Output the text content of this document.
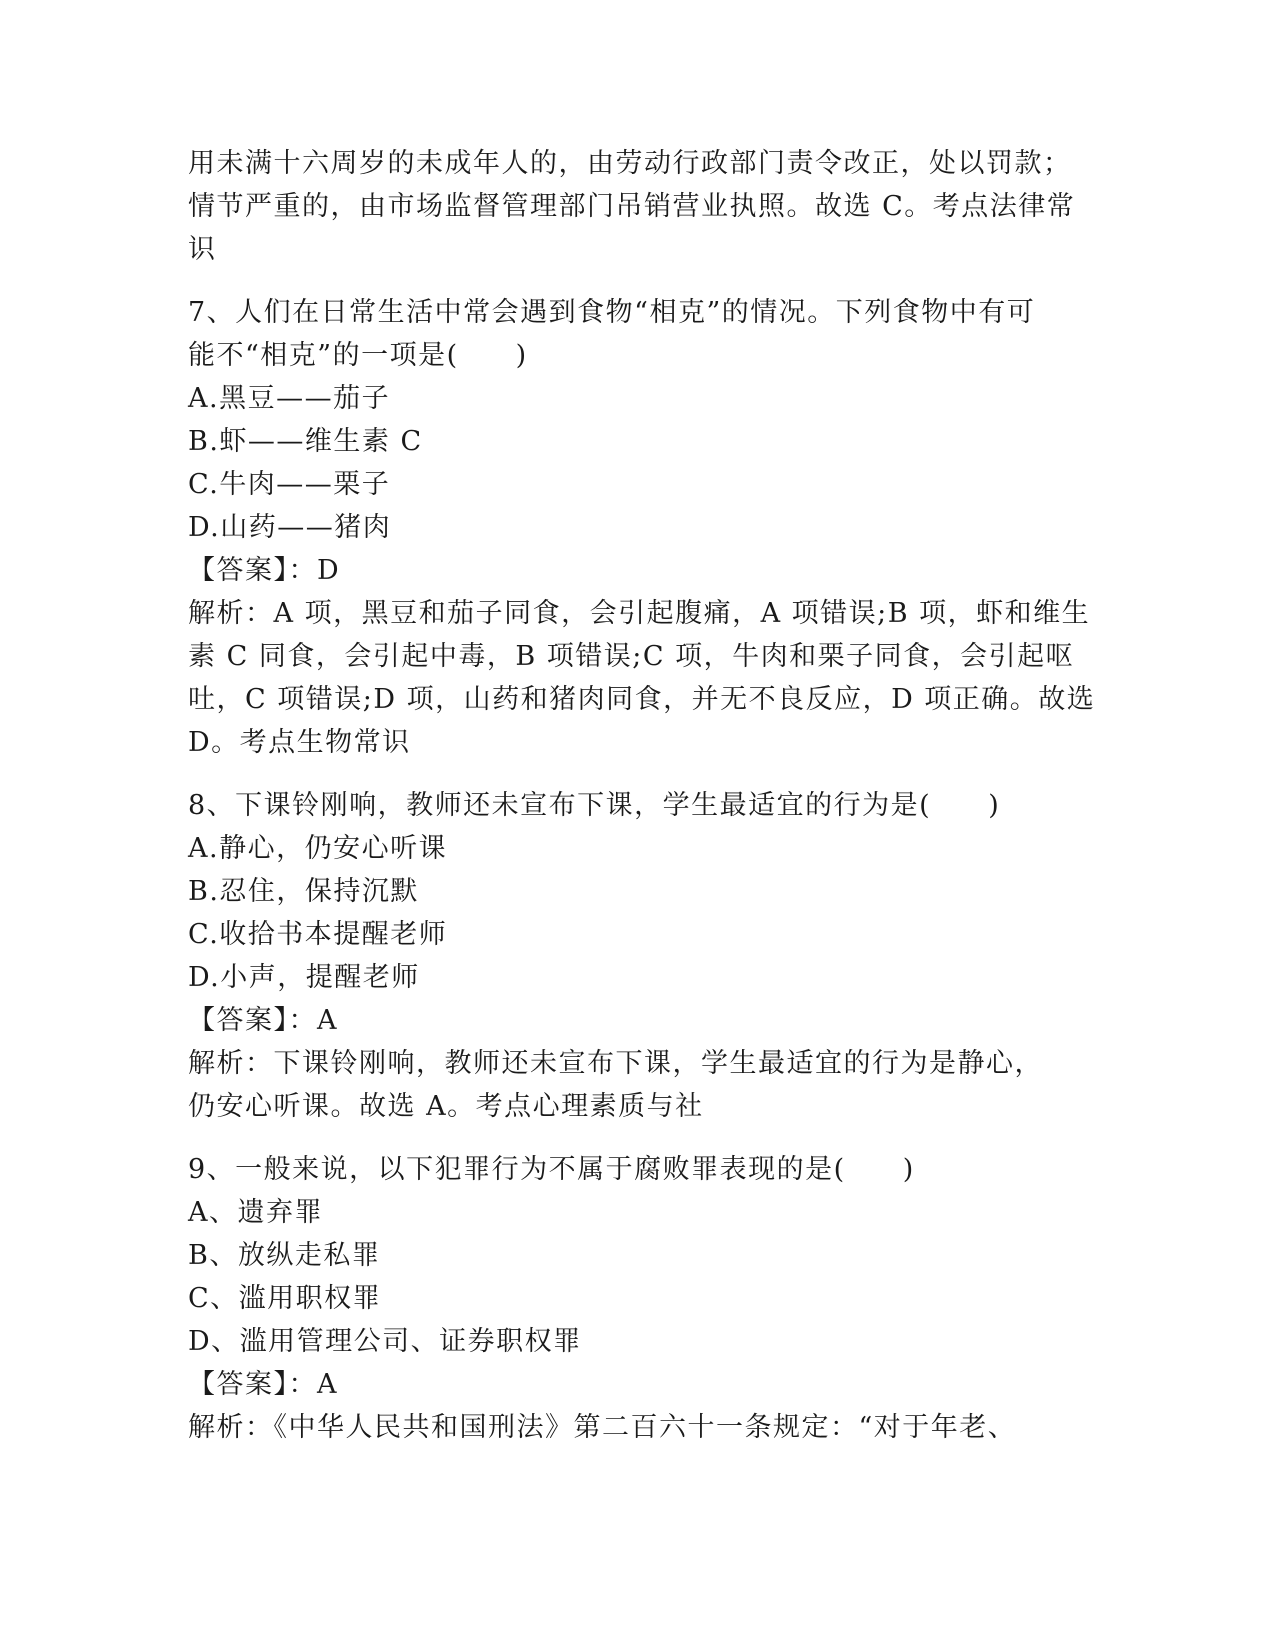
用未满十六周岁的未成年人的，由劳动行政部门责令改正，处以罚款；
情节严重的，由市场监督管理部门吊销营业执照。故选 C。考点法律常
识
7、人们在日常生活中常会遇到食物“相克”的情况。下列食物中有可
能不“相克”的一项是(　　)
A.黑豆——茄子
B.虾——维生素 C
C.牛肉——栗子
D.山药——猪肉
【答案】：D
解析：A 项，黑豆和茄子同食，会引起腹痛，A 项错误;B 项，虾和维生
素 C 同食，会引起中毒，B 项错误;C 项，牛肉和栗子同食，会引起呕
吐，C 项错误;D 项，山药和猪肉同食，并无不良反应，D 项正确。故选
D。考点生物常识
8、下课铃刚响，教师还未宣布下课，学生最适宜的行为是(　　)
A.静心，仍安心听课
B.忍住，保持沉默
C.收拾书本提醒老师
D.小声，提醒老师
【答案】：A
解析：下课铃刚响，教师还未宣布下课，学生最适宜的行为是静心，
仍安心听课。故选 A。考点心理素质与社
9、一般来说，以下犯罪行为不属于腐败罪表现的是(　　)
A、遗弃罪
B、放纵走私罪
C、滥用职权罪
D、滥用管理公司、证券职权罪
【答案】：A
解析：《中华人民共和国刑法》第二百六十一条规定：“对于年老、
